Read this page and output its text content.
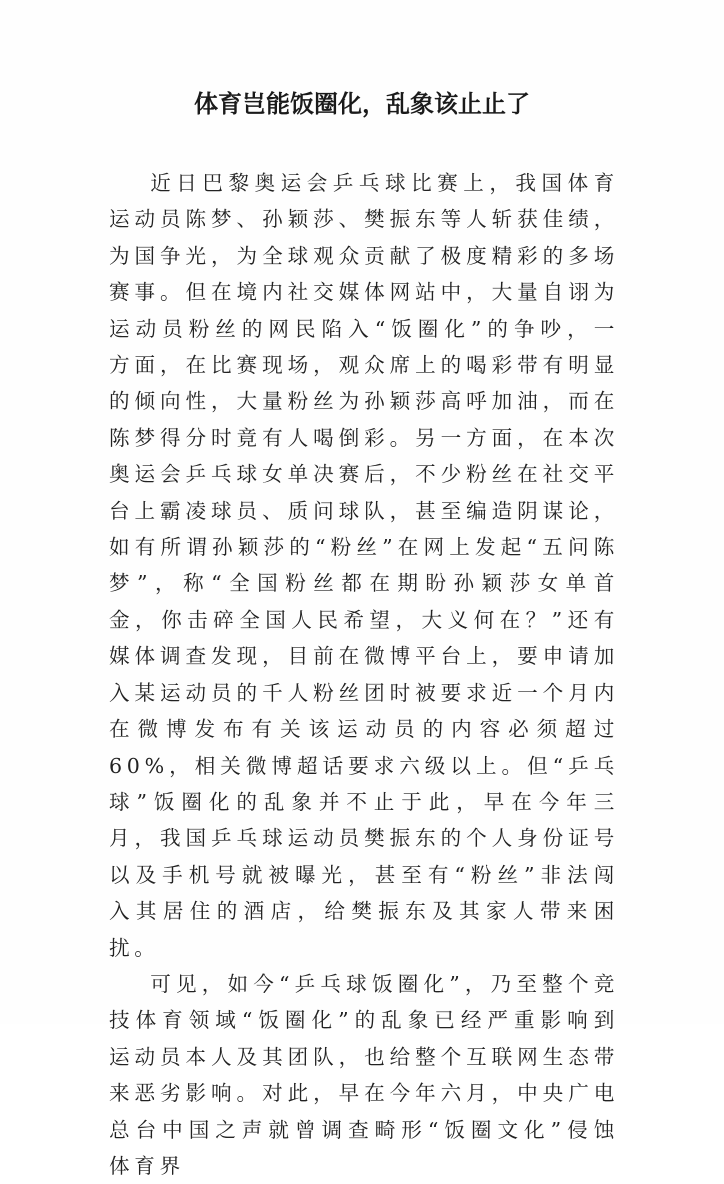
体育岂能饭圈化，乱象该止止了

近日巴黎奥运会乒乓球比赛上，我国体育运动员陈梦、孙颖莎、樊振东等人斩获佳绩，为国争光，为全球观众贡献了极度精彩的多场赛事。但在境内社交媒体网站中，大量自诩为运动员粉丝的网民陷入“饭圈化”的争吵，一方面，在比赛现场，观众席上的喝彩带有明显的倾向性，大量粉丝为孙颖莎高呼加油，而在陈梦得分时竟有人喝倒彩。另一方面，在本次奥运会乒乓球女单决赛后，不少粉丝在社交平台上霸凌球员、质问球队，甚至编造阴谋论，如有所谓孙颖莎的“粉丝”在网上发起“五问陈梦”，称“全国粉丝都在期盼孙颖莎女单首金，你击碎全国人民希望，大义何在？”还有媒体调查发现，目前在微博平台上，要申请加入某运动员的千人粉丝团时被要求近一个月内在微博发布有关该运动员的内容必须超过60%，相关微博超话要求六级以上。但“乒乓球”饭圈化的乱象并不止于此，早在今年三月，我国乒乓球运动员樊振东的个人身份证号以及手机号就被曝光，甚至有“粉丝”非法闯入其居住的酒店，给樊振东及其家人带来困扰。

可见，如今“乒乓球饭圈化”，乃至整个竞技体育领域“饭圈化”的乱象已经严重影响到运动员本人及其团队，也给整个互联网生态带来恶劣影响。对此，早在今年六月，中央广电总台中国之声就曾调查畸形“饭圈文化”侵蚀体育界
